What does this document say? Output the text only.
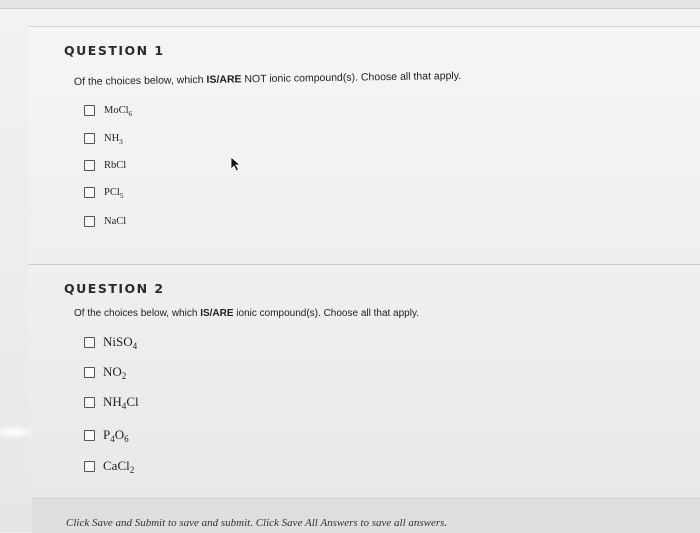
QUESTION 1
Of the choices below, which IS/ARE NOT ionic compound(s). Choose all that apply.
MoCl$_6$
$NH_3$
RbCl
PCl$_5$
NaCl
QUESTION 2
Of the choices below, which IS/ARE ionic compound(s). Choose all that apply.
NiSO$_4$
$NO_2$
$NH_4Cl$
$P_4O_6$
CaCl$_2$
Click Save and Submit to save and submit. Click Save All Answers to save all answers.
